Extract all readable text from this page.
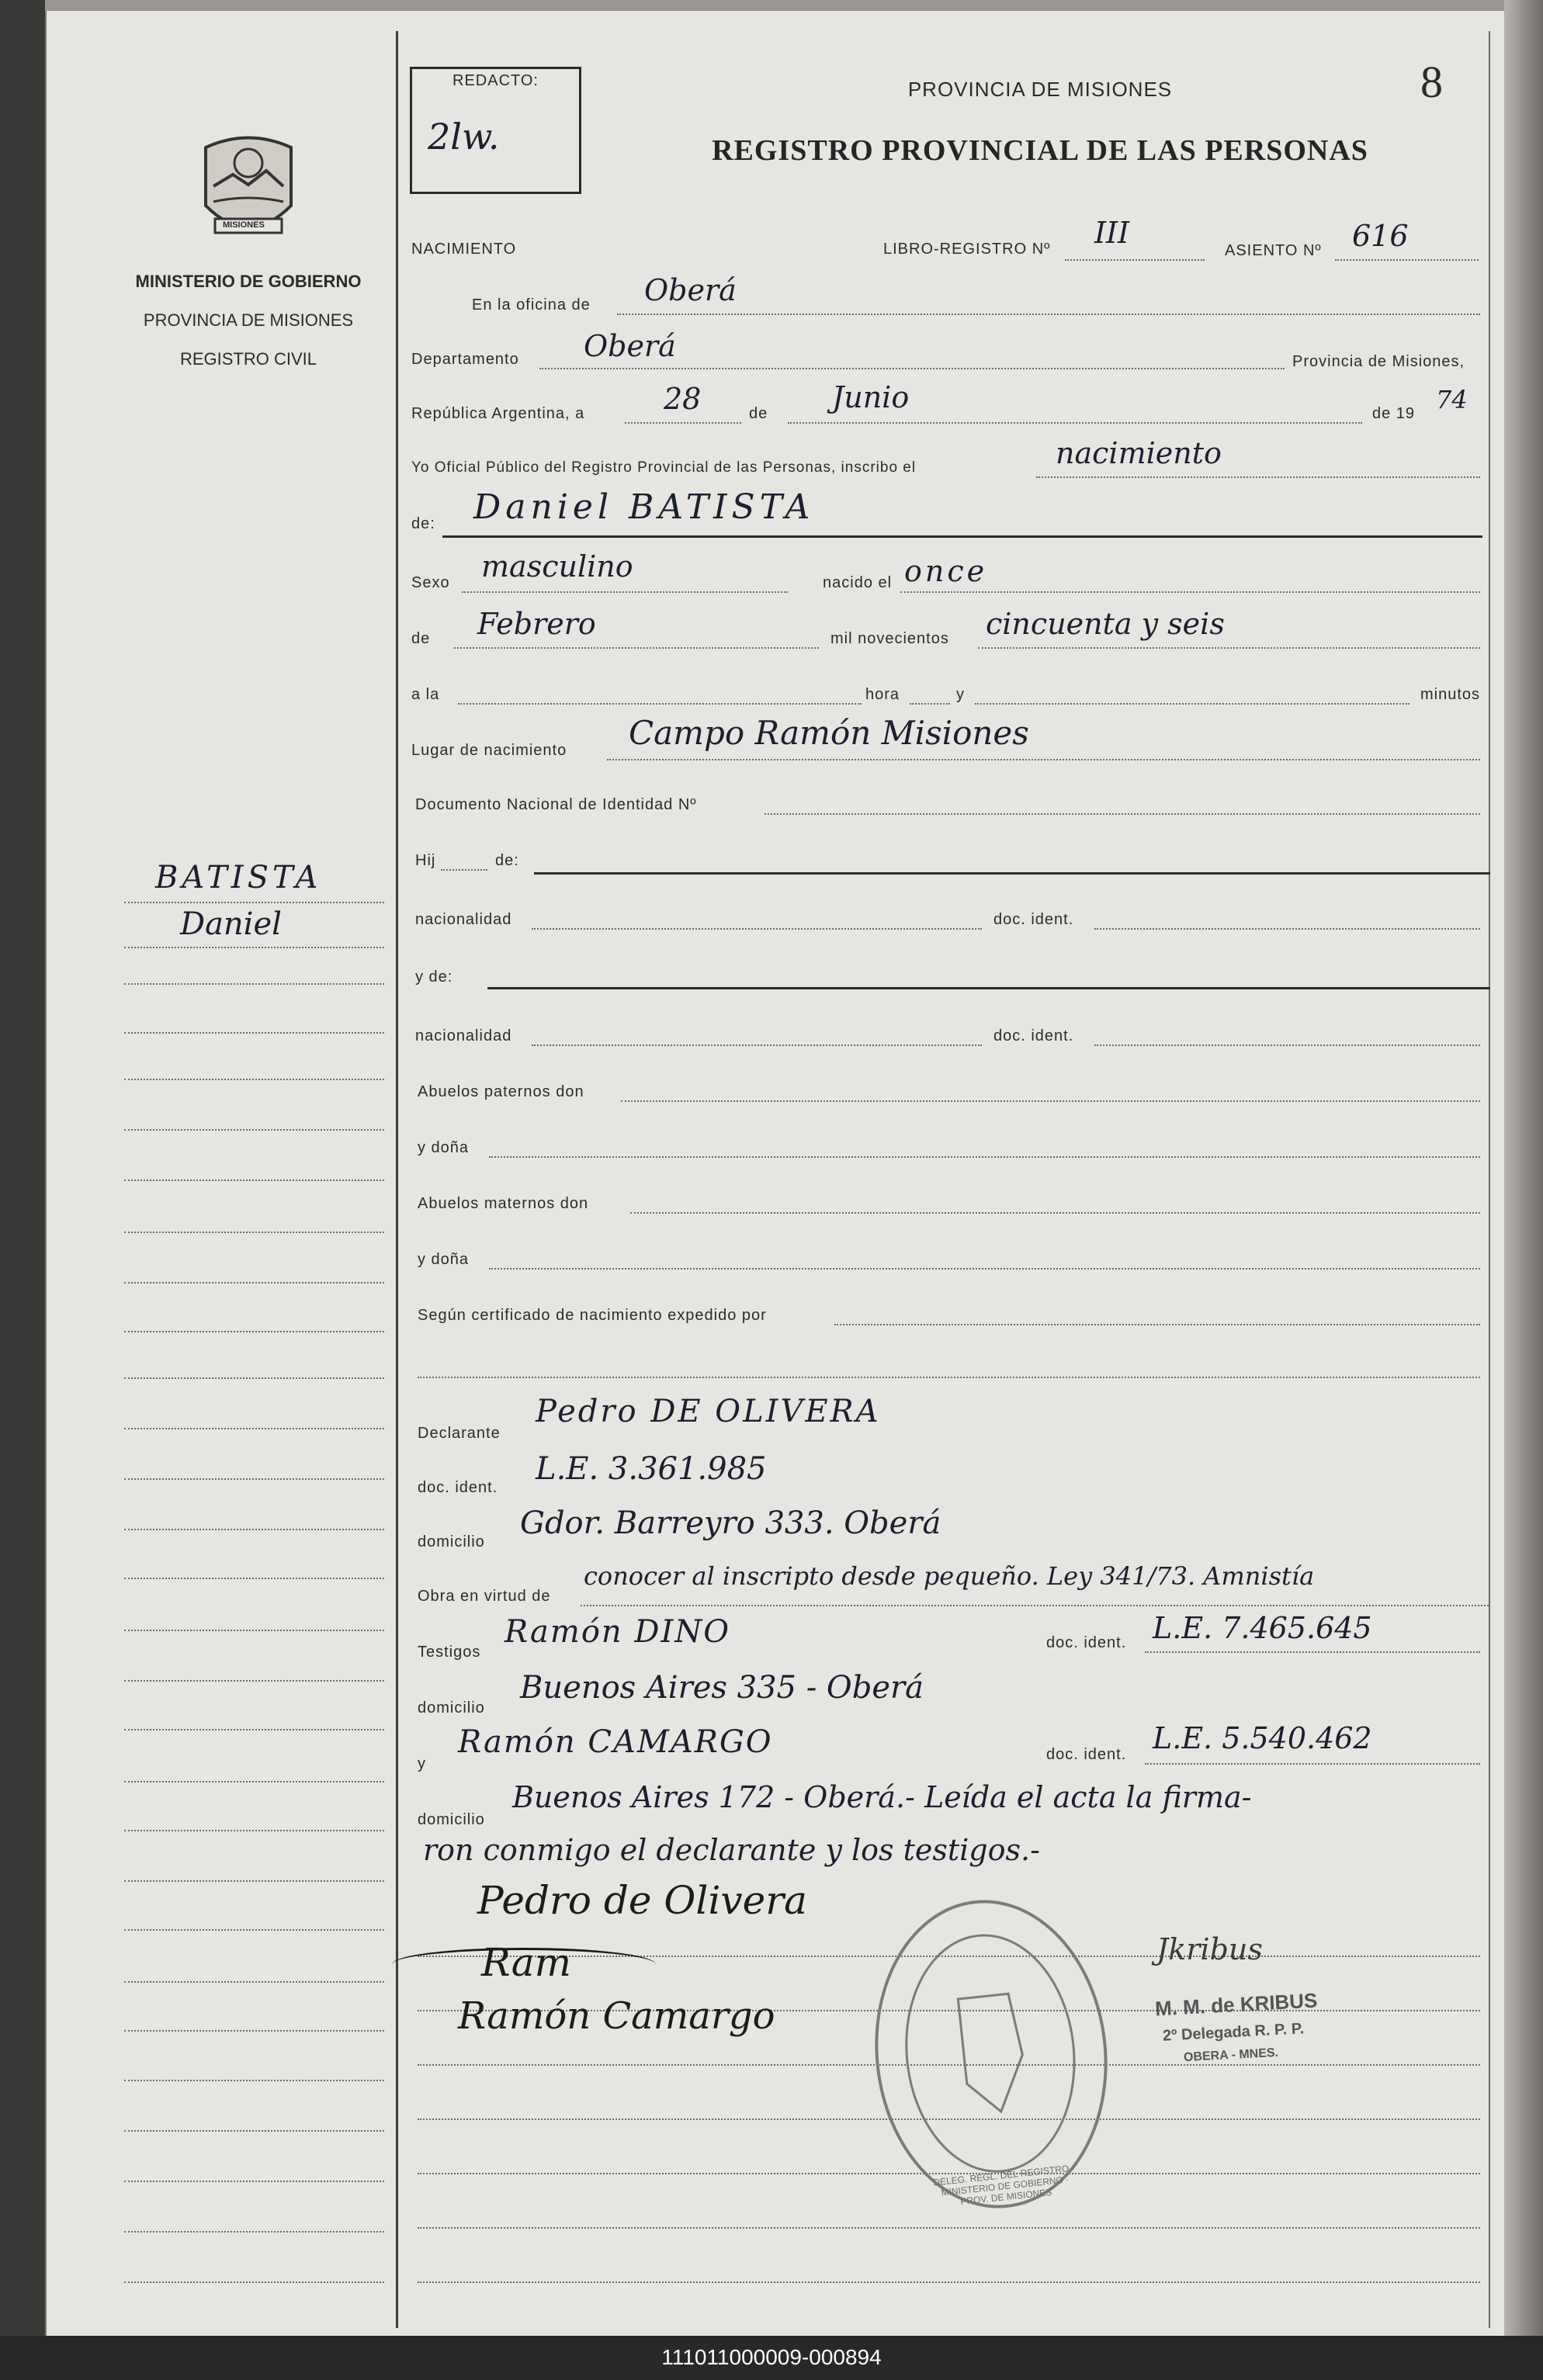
8
REDACTO:
2lw.
PROVINCIA DE MISIONES
REGISTRO PROVINCIAL DE LAS PERSONAS
MISIONES
MINISTERIO DE GOBIERNO
PROVINCIA DE MISIONES
REGISTRO CIVIL
BATISTA
Daniel
NACIMIENTO	LIBRO-REGISTRO Nº III
ASIENTO Nº 616
En la oficina de Oberá
Departamento Oberá	Provincia de Misiones,
República Argentina, a	28	de Junio	de 19 74
Yo Oficial Público del Registro Provincial de las Personas, inscribo el	nacimiento
de: Daniel BATISTA
Sexo masculino	nacido el once
de Febrero	mil novecientos cincuenta y seis
a la	hora	y	minutos
Lugar de nacimiento Campo Ramón Misiones
Documento Nacional de Identidad Nº
Hij	de:
nacionalidad	doc. ident.
y de:
nacionalidad	doc. ident.
Abuelos paternos don
y doña
Abuelos maternos don
y doña
Según certificado de nacimiento expedido por
Declarante
Pedro DE OLIVERA
doc. ident.
L.E. 3.361.985
domicilio
Gdor. Barreyro 333. Oberá
Obra en virtud de
conocer al inscripto desde pequeño. Ley 341/73. Amnistía
Testigos
Ramón DINO	doc. ident. L.E. 7.465.645
domicilio
Buenos Aires 335 - Oberá
y
Ramón CAMARGO	doc. ident. L.E. 5.540.462
domicilio
Buenos Aires 172 - Oberá.- Leída el acta la firma-
ron conmigo el declarante y los testigos.-
Pedro de Olivera
Ram
Ramón Camargo
DELEG. REGL. DEL REGISTRO · MINISTERIO DE GOBIERNO · PROV. DE MISIONES
Jkribus
M. M. de KRIBUS
2º Delegada R. P. P.
OBERA - MNES.
111011000009-000894
